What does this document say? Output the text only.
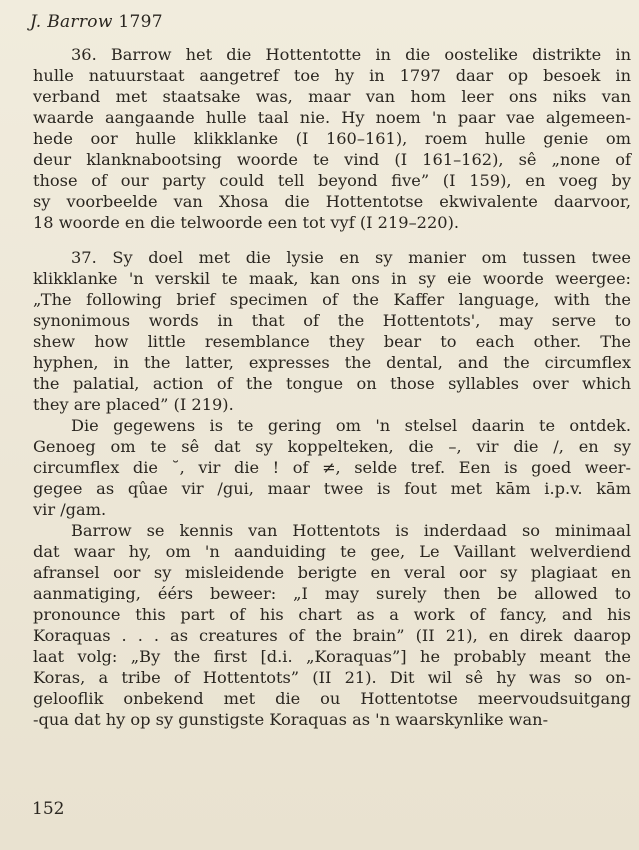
J. Barrow 1797
36. Barrow het die Hottentotte in die oostelike distrikte in
hulle natuurstaat aangetref toe hy in 1797 daar op besoek in
verband met staatsake was, maar van hom leer ons niks van
waarde aangaande hulle taal nie. Hy noem 'n paar vae algemeen-
hede oor hulle klikklanke (I 160–161), roem hulle genie om
deur klanknabootsing woorde te vind (I 161–162), sê „none of
those of our party could tell beyond five” (I 159), en voeg by
sy voorbeelde van Xhosa die Hottentotse ekwivalente daarvoor,
18 woorde en die telwoorde een tot vyf (I 219–220).
37. Sy doel met die lysie en sy manier om tussen twee
klikklanke 'n verskil te maak, kan ons in sy eie woorde weergee:
„The following brief specimen of the Kaffer language, with the
synonimous words in that of the Hottentots', may serve to
shew how little resemblance they bear to each other. The
hyphen, in the latter, expresses the dental, and the circumflex
the palatial, action of the tongue on those syllables over which
they are placed” (I 219).
Die gegewens is te gering om 'n stelsel daarin te ontdek.
Genoeg om te sê dat sy koppelteken, die –, vir die /, en sy
circumflex die ˘, vir die ! of ≠, selde tref. Een is goed weer-
gegee as qûae vir /gui, maar twee is fout met kām i.p.v. kām
vir /gam.
Barrow se kennis van Hottentots is inderdaad so minimaal
dat waar hy, om 'n aanduiding te gee, Le Vaillant welverdiend
afransel oor sy misleidende berigte en veral oor sy plagiaat en
aanmatiging, éérs beweer: „I may surely then be allowed to
pronounce this part of his chart as a work of fancy, and his
Koraquas . . . as creatures of the brain” (II 21), en direk daarop
laat volg: „By the first [d.i. „Koraquas”] he probably meant the
Koras, a tribe of Hottentots” (II 21). Dit wil sê hy was so on-
gelooflik onbekend met die ou Hottentotse meervoudsuitgang
-qua dat hy op sy gunstigste Koraquas as 'n waarskynlike wan-
152
